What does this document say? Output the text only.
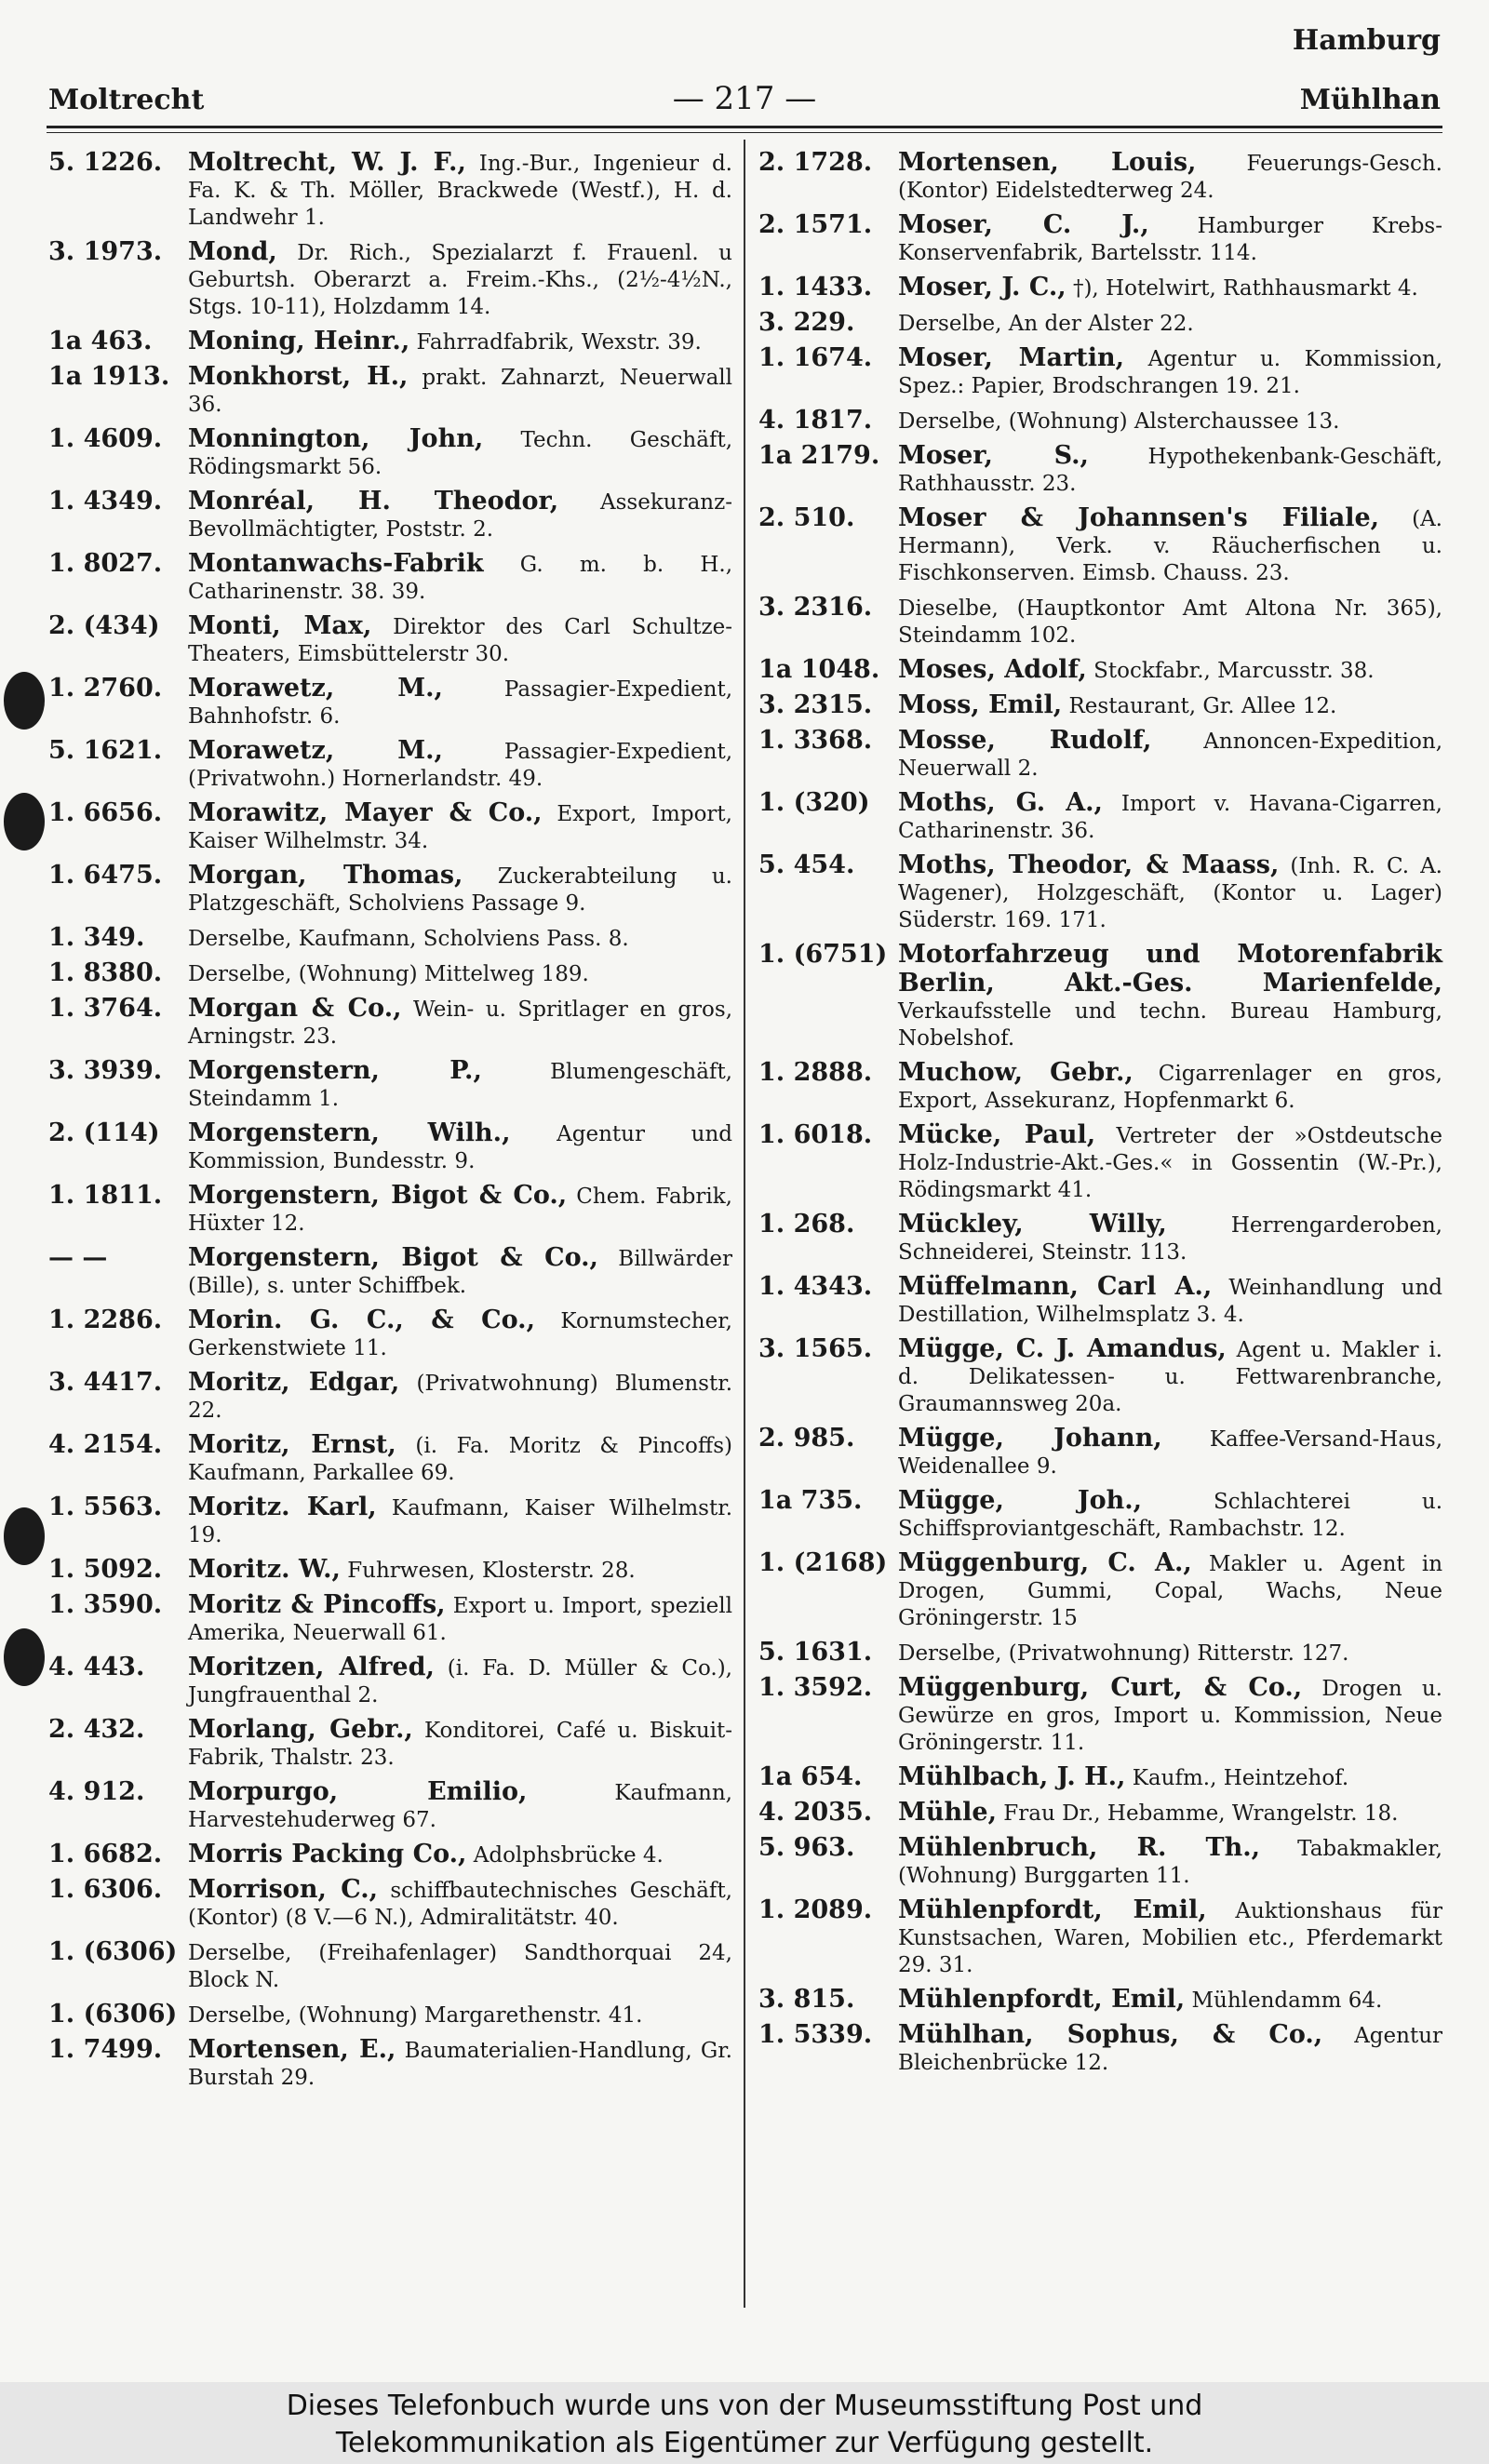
Hamburg
Moltrecht	— 217 —	Mühlhan
5. 1226.	Moltrecht, W. J. F., Ing.-Bur., Ingenieur d. Fa. K. & Th. Möller, Brackwede (Westf.), H. d. Landwehr 1.
3. 1973.	Mond, Dr. Rich., Spezialarzt f. Frauenl. u Geburtsh. Oberarzt a. Freim.-Khs., (2½-4½N., Stgs. 10-11), Holzdamm 14.
1a 463.	Moning, Heinr., Fahrradfabrik, Wexstr. 39.
1a 1913. Monkhorst, H., prakt. Zahnarzt, Neuerwall 36.
1. 4609.	Monnington, John, Techn. Geschäft, Rödingsmarkt 56.
1. 4349.	Monréal, H. Theodor, Assekuranz-Bevollmächtigter, Poststr. 2.
1. 8027.	Montanwachs-Fabrik G. m. b. H., Catharinenstr. 38. 39.
2. (434)	Monti, Max, Direktor des Carl Schultze-Theaters, Eimsbüttelerstr 30.
1. 2760.	Morawetz, M.,	Passagier-Expedient, Bahnhofstr. 6.
5. 1621.	Morawetz, M.,	Passagier-Expedient, (Privatwohn.) Hornerlandstr. 49.
1. 6656.	Morawitz, Mayer & Co., Export, Import, Kaiser Wilhelmstr. 34.
1. 6475.	Morgan, Thomas, Zuckerabteilung u. Platzgeschäft, Scholviens Passage 9.
1. 349.	Derselbe, Kaufmann, Scholviens Pass. 8.
1. 8380.	Derselbe, (Wohnung) Mittelweg 189.
1. 3764.	Morgan & Co., Wein- u. Spritlager en gros, Arningstr. 23.
3. 3939.	Morgenstern, P.,	Blumengeschäft, Steindamm 1.
2. (114)	Morgenstern, Wilh., Agentur und Kommission, Bundesstr. 9.
1. 1811.	Morgenstern, Bigot & Co., Chem. Fabrik, Hüxter 12.
— —	Morgenstern, Bigot & Co., Billwärder (Bille), s. unter Schiffbek.
1. 2286.	Morin. G. C., & Co., Kornumstecher, Gerkenstwiete 11.
3. 4417.	Moritz, Edgar, (Privatwohnung) Blumenstr. 22.
4. 2154.	Moritz, Ernst, (i. Fa. Moritz & Pincoffs) Kaufmann, Parkallee 69.
1. 5563.	Moritz. Karl, Kaufmann, Kaiser Wilhelmstr. 19.
1. 5092.	Moritz. W., Fuhrwesen, Klosterstr. 28.
1. 3590.	Moritz & Pincoffs, Export u. Import, speziell Amerika, Neuerwall 61.
4. 443.	Moritzen, Alfred, (i. Fa. D. Müller & Co.), Jungfrauenthal 2.
2. 432.	Morlang, Gebr., Konditorei, Café u. Biskuit-Fabrik, Thalstr. 23.
4. 912.	Morpurgo, Emilio,	Kaufmann, Harvestehuderweg 67.
1. 6682.	Morris Packing Co., Adolphsbrücke 4.
1. 6306.	Morrison, C., schiffbautechnisches Geschäft, (Kontor) (8 V.—6 N.), Admiralitätstr. 40.
1. (6306) Derselbe, (Freihafenlager) Sandthorquai 24, Block N.
1. (6306) Derselbe, (Wohnung) Margarethenstr. 41.
1. 7499.	Mortensen, E., Baumaterialien-Handlung, Gr. Burstah 29.
2. 1728.	Mortensen, Louis, Feuerungs-Gesch. (Kontor) Eidelstedterweg 24.
2. 1571.	Moser, C. J., Hamburger Krebs-Konservenfabrik, Bartelsstr. 114.
1. 1433.	Moser, J. C., †), Hotelwirt, Rathhausmarkt 4.
3. 229.	Derselbe, An der Alster 22.
1. 1674.	Moser, Martin, Agentur u. Kommission, Spez.: Papier, Brodschrangen 19. 21.
4. 1817.	Derselbe, (Wohnung) Alsterchaussee 13.
1a 2179. Moser, S.,	Hypothekenbank-Geschäft, Rathhausstr. 23.
2. 510.	Moser & Johannsen's Filiale, (A. Hermann), Verk. v. Räucherfischen u. Fischkonserven. Eimsb. Chauss. 23.
3. 2316.	Dieselbe, (Hauptkontor Amt Altona Nr. 365), Steindamm 102.
1a 1048. Moses, Adolf, Stockfabr., Marcusstr. 38.
3. 2315.	Moss, Emil, Restaurant, Gr. Allee 12.
1. 3368.	Mosse, Rudolf, Annoncen-Expedition, Neuerwall 2.
1. (320)	Moths, G. A., Import v. Havana-Cigarren, Catharinenstr. 36.
5. 454.	Moths, Theodor, & Maass, (Inh. R. C. A. Wagener), Holzgeschäft, (Kontor u. Lager) Süderstr. 169. 171.
1. (6751) Motorfahrzeug und Motorenfabrik Berlin, Akt.-Ges. Marienfelde, Verkaufsstelle und techn. Bureau Hamburg, Nobelshof.
1. 2888.	Muchow, Gebr., Cigarrenlager en gros, Export, Assekuranz, Hopfenmarkt 6.
1. 6018.	Mücke, Paul, Vertreter der »Ostdeutsche Holz-Industrie-Akt.-Ges.« in Gossentin (W.-Pr.), Rödingsmarkt 41.
1. 268.	Mückley, Willy,	Herrengarderoben, Schneiderei, Steinstr. 113.
1. 4343.	Müffelmann, Carl A., Weinhandlung und Destillation, Wilhelmsplatz 3. 4.
3. 1565.	Mügge, C. J. Amandus, Agent u. Makler i. d. Delikatessen- u. Fettwarenbranche, Graumannsweg 20a.
2. 985.	Mügge, Johann, Kaffee-Versand-Haus, Weidenallee 9.
1a 735.	Mügge, Joh.,	Schlachterei u. Schiffsproviantgeschäft, Rambachstr. 12.
1. (2168) Müggenburg, C. A., Makler u. Agent in Drogen, Gummi, Copal, Wachs, Neue Gröningerstr. 15
5. 1631.	Derselbe, (Privatwohnung) Ritterstr. 127.
1. 3592.	Müggenburg, Curt, & Co., Drogen u. Gewürze en gros, Import u. Kommission, Neue Gröningerstr. 11.
1a 654.	Mühlbach, J. H., Kaufm., Heintzehof.
4. 2035.	Mühle, Frau Dr., Hebamme, Wrangelstr. 18.
5. 963.	Mühlenbruch, R. Th., Tabakmakler, (Wohnung) Burggarten 11.
1. 2089.	Mühlenpfordt, Emil, Auktionshaus für Kunstsachen, Waren, Mobilien etc., Pferdemarkt 29. 31.
3. 815.	Mühlenpfordt, Emil, Mühlendamm 64.
1. 5339.	Mühlhan, Sophus, & Co., Agentur Bleichenbrücke 12.
Dieses Telefonbuch wurde uns von der Museumsstiftung Post und
Telekommunikation als Eigentümer zur Verfügung gestellt.
